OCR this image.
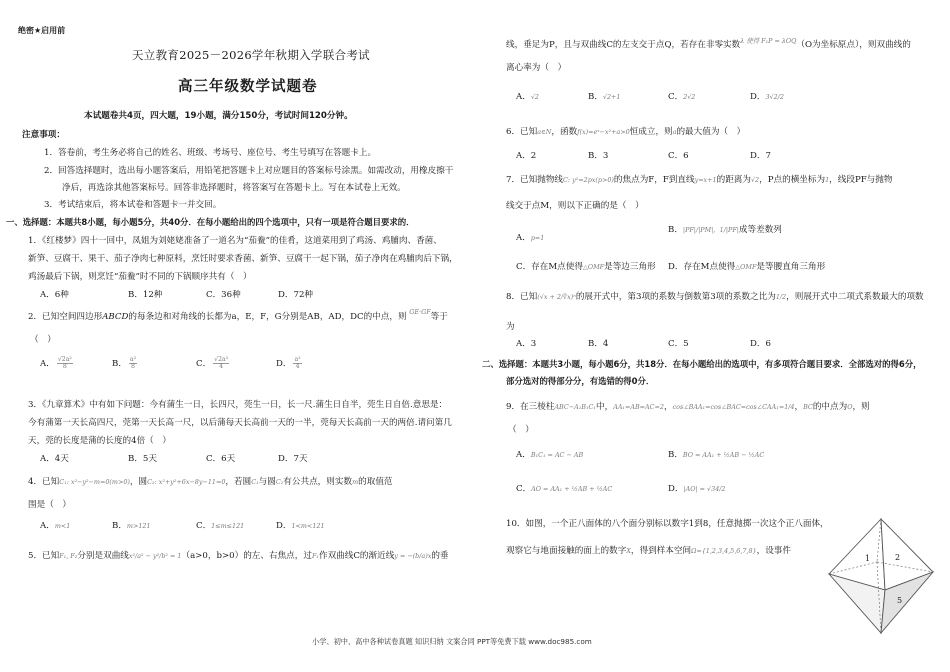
绝密★启用前
天立教育2025－2026学年秋期入学联合考试
高三年级数学试题卷
本试题卷共4页，四大题，19小题，满分150分，考试时间120分钟。
注意事项：
1．答卷前，考生务必将自己的姓名、班级、考场号、座位号、考生号填写在答题卡上。
2．回答选择题时，选出每小题答案后，用铅笔把答题卡上对应题目的答案标号涂黑。如需改动，用橡皮擦干
净后，再选涂其他答案标号。回答非选择题时，将答案写在答题卡上。写在本试卷上无效。
3．考试结束后，将本试卷和答题卡一并交回。
一、选择题：本题共8小题，每小题5分，共40分．在每小题给出的四个选项中，只有一项是符合题目要求的．
1．《红楼梦》四十一回中，凤姐为刘姥姥准备了一道名为“茄鲞”的佳肴，这道菜用到了鸡汤、鸡脯肉、香菌、
新笋、豆腐干、果干、茄子净肉七种原料，烹饪时要求香菌、新笋、豆腐干一起下锅，茄子净肉在鸡脯肉后下锅，
鸡汤最后下锅，则烹饪“茄鲞”时不同的下锅顺序共有（　）
A．6种	B．12种	C．36种	D．72种
2．已知空间四边形ABCD的每条边和对角线的长都为a，E，F，G分别是AB，AD，DC的中点，则 $^{GE\cdot GF}$等于
（　）
A． $\frac{\text{√2a²}}{8}$	B． $\frac{\text{a²}}{8}$	C． $\frac{\text{√2a²}}{4}$	D． $\frac{\text{a²}}{4}$
3．《九章算术》中有如下问题：今有蒲生一日，长四尺，莞生一日，长一尺.蒲生日自半，莞生日自倍.意思是：
今有蒲第一天长高四尺，莞第一天长高一尺，以后蒲每天长高前一天的一半，莞每天长高前一天的两倍.请问第几
天，莞的长度是蒲的长度的4倍（　）
A．4天	B．5天	C．6天	D．7天
4．已知C₁: x²−y²−m=0(m>0)，圆C₂: x²+y²+6x−8y−11=0，若圆C₁与圆C₂有公共点，则实数m的取值范
围是（　）
A．m<1	B．m>121	C．1≤m≤121	D．1<m<121
5．已知F₁, F₂分别是双曲线x²/a² − y²/b² = 1（a>0，b>0）的左、右焦点，过F₁作双曲线C的渐近线y = −(b/a)x的垂
线，垂足为P，且与双曲线C的左支交于点Q，若存在非零实数$^{\lambda 使得 F_1P = \lambda OQ}$（O为坐标原点），则双曲线的
离心率为（　）
A．√2	B．√2+1	C．2√2	D．3√2/2
6．已知a∈N，函数f(x)=eˣ−x²+a>0恒成立，则a的最大值为（　）
A．2	B．3	C．6	D．7
7．已知抛物线C: y²=2px(p>0)的焦点为F，F到直线y=x+1的距离为√2，P点的横坐标为1，线段PF与抛物
线交于点M，则以下正确的是（　）
A．p=1
B．|PF|/|PM|，1/|PF|成等差数列
C．存在M点使得△OMF是等边三角形 D．存在M点使得△OMF是等腰直角三角形
8．已知(√x + 2/∛x)ⁿ的展开式中，第3项的系数与倒数第3项的系数之比为1/2，则展开式中二项式系数最大的项数
为
A．3	B．4	C．5	D．6
二、选择题：本题共3小题，每小题6分，共18分．在每小题给出的选项中，有多项符合题目要求．全部选对的得6分，
部分选对的得部分分，有选错的得0分．
9．在三棱柱ABC−A₁B₁C₁中，AA₁=AB=AC=2，cos∠BAA₁=cos∠BAC=cos∠CAA₁=1/4，BC的中点为O，则
（　）
A．B₁C₁ = AC − AB	B．BO = AA₁ + ½AB − ½AC
C．AO = AA₁ + ½AB + ½AC	D．|AO| = √34/2
10．如图，一个正八面体的八个面分别标以数字1到8，任意抛掷一次这个正八面体，
观察它与地面接触的面上的数字X，得到样本空间Ω={1,2,3,4,5,6,7,8}，设事件
1	2
5
小学、初中、高中各种试卷真题 知识归纳 文案合同 PPT等免费下载 www.doc985.com
